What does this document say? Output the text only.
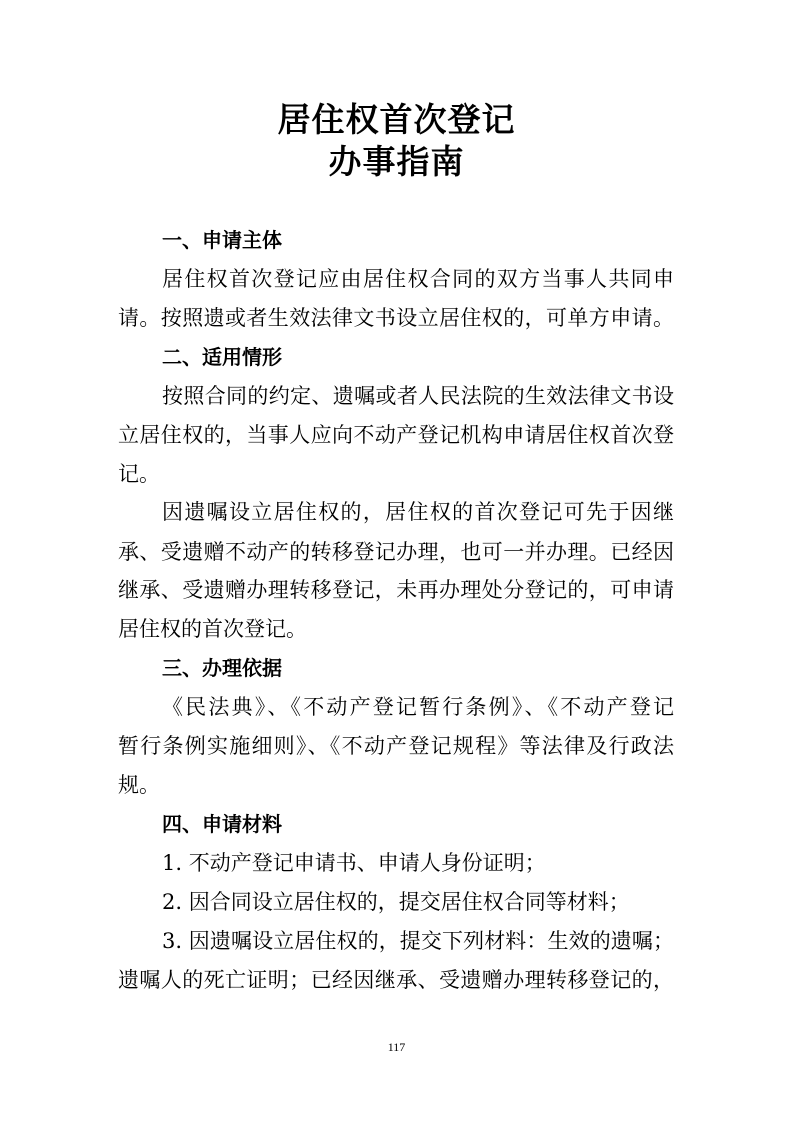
居住权首次登记
办事指南
一、申请主体
居住权首次登记应由居住权合同的双方当事人共同申
请。按照遗或者生效法律文书设立居住权的，可单方申请。
二、适用情形
按照合同的约定、遗嘱或者人民法院的生效法律文书设
立居住权的，当事人应向不动产登记机构申请居住权首次登
记。
因遗嘱设立居住权的，居住权的首次登记可先于因继
承、受遗赠不动产的转移登记办理，也可一并办理。已经因
继承、受遗赠办理转移登记，未再办理处分登记的，可申请
居住权的首次登记。
三、办理依据
《民法典》、《不动产登记暂行条例》、《不动产登记
暂行条例实施细则》、《不动产登记规程》等法律及行政法
规。
四、申请材料
1. 不动产登记申请书、申请人身份证明；
2. 因合同设立居住权的，提交居住权合同等材料；
3. 因遗嘱设立居住权的，提交下列材料：生效的遗嘱；
遗嘱人的死亡证明；已经因继承、受遗赠办理转移登记的，
117
